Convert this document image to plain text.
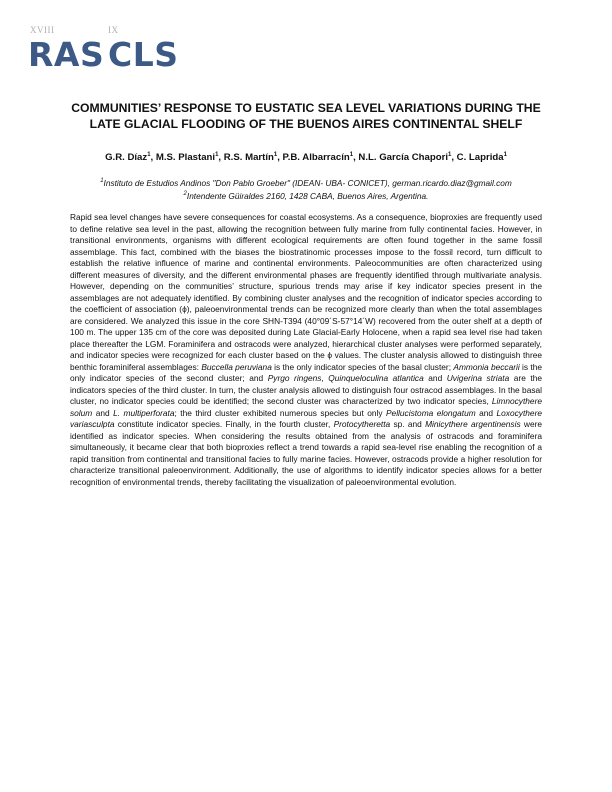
XVIII	IX
RAS CLS
COMMUNITIES’ RESPONSE TO EUSTATIC SEA LEVEL VARIATIONS DURING THE LATE GLACIAL FLOODING OF THE BUENOS AIRES CONTINENTAL SHELF

G.R. Díaz$^1$, M.S. Plastani$^1$, R.S. Martín$^1$, P.B. Albarracín$^1$, N.L. García Chapori$^1$, C. Laprida$^1$

$^1$Instituto de Estudios Andinos "Don Pablo Groeber" (IDEAN- UBA- CONICET), german.ricardo.diaz@gmail.com
$^2$Intendente Güiraldes 2160, 1428 CABA, Buenos Aires, Argentina.

Rapid sea level changes have severe consequences for coastal ecosystems. As a consequence, bioproxies are frequently used to define relative sea level in the past, allowing the recognition between fully marine from fully continental facies. However, in transitional environments, organisms with different ecological requirements are often found together in the same fossil assemblage. This fact, combined with the biases the biostratinomic processes impose to the fossil record, turn difficult to establish the relative influence of marine and continental environments. Paleocommunities are often characterized using different measures of diversity, and the different environmental phases are frequently identified through multivariate analysis. However, depending on the communities’ structure, spurious trends may arise if key indicator species present in the assemblages are not adequately identified. By combining cluster analyses and the recognition of indicator species according to the coefficient of association (ϕ), paleoenvironmental trends can be recognized more clearly than when the total assemblages are considered. We analyzed this issue in the core SHN-T394 (40°09´S-57°14´W) recovered from the outer shelf at a depth of 100 m. The upper 135 cm of the core was deposited during Late Glacial-Early Holocene, when a rapid sea level rise had taken place thereafter the LGM. Foraminifera and ostracods were analyzed, hierarchical cluster analyses were performed separately, and indicator species were recognized for each cluster based on the ϕ values. The cluster analysis allowed to distinguish three benthic foraminiferal assemblages: Buccella peruviana is the only indicator species of the basal cluster; Ammonia beccarii is the only indicator species of the second cluster; and Pyrgo ringens, Quinqueloculina atlantica and Uvigerina striata are the indicators species of the third cluster. In turn, the cluster analysis allowed to distinguish four ostracod assemblages. In the basal cluster, no indicator species could be identified; the second cluster was characterized by two indicator species, Limnocythere solum and L. multiperforata; the third cluster exhibited numerous species but only Pellucistoma elongatum and Loxocythere variasculpta constitute indicator species. Finally, in the fourth cluster, Protocytheretta sp. and Minicythere argentinensis were identified as indicator species. When considering the results obtained from the analysis of ostracods and foraminifera simultaneously, it became clear that both bioproxies reflect a trend towards a rapid sea-level rise enabling the recognition of a rapid transition from continental and transitional facies to fully marine facies. However, ostracods provide a higher resolution for characterize transitional paleoenvironment. Additionally, the use of algorithms to identify indicator species allows for a better recognition of environmental trends, thereby facilitating the visualization of paleoenvironmental evolution.
